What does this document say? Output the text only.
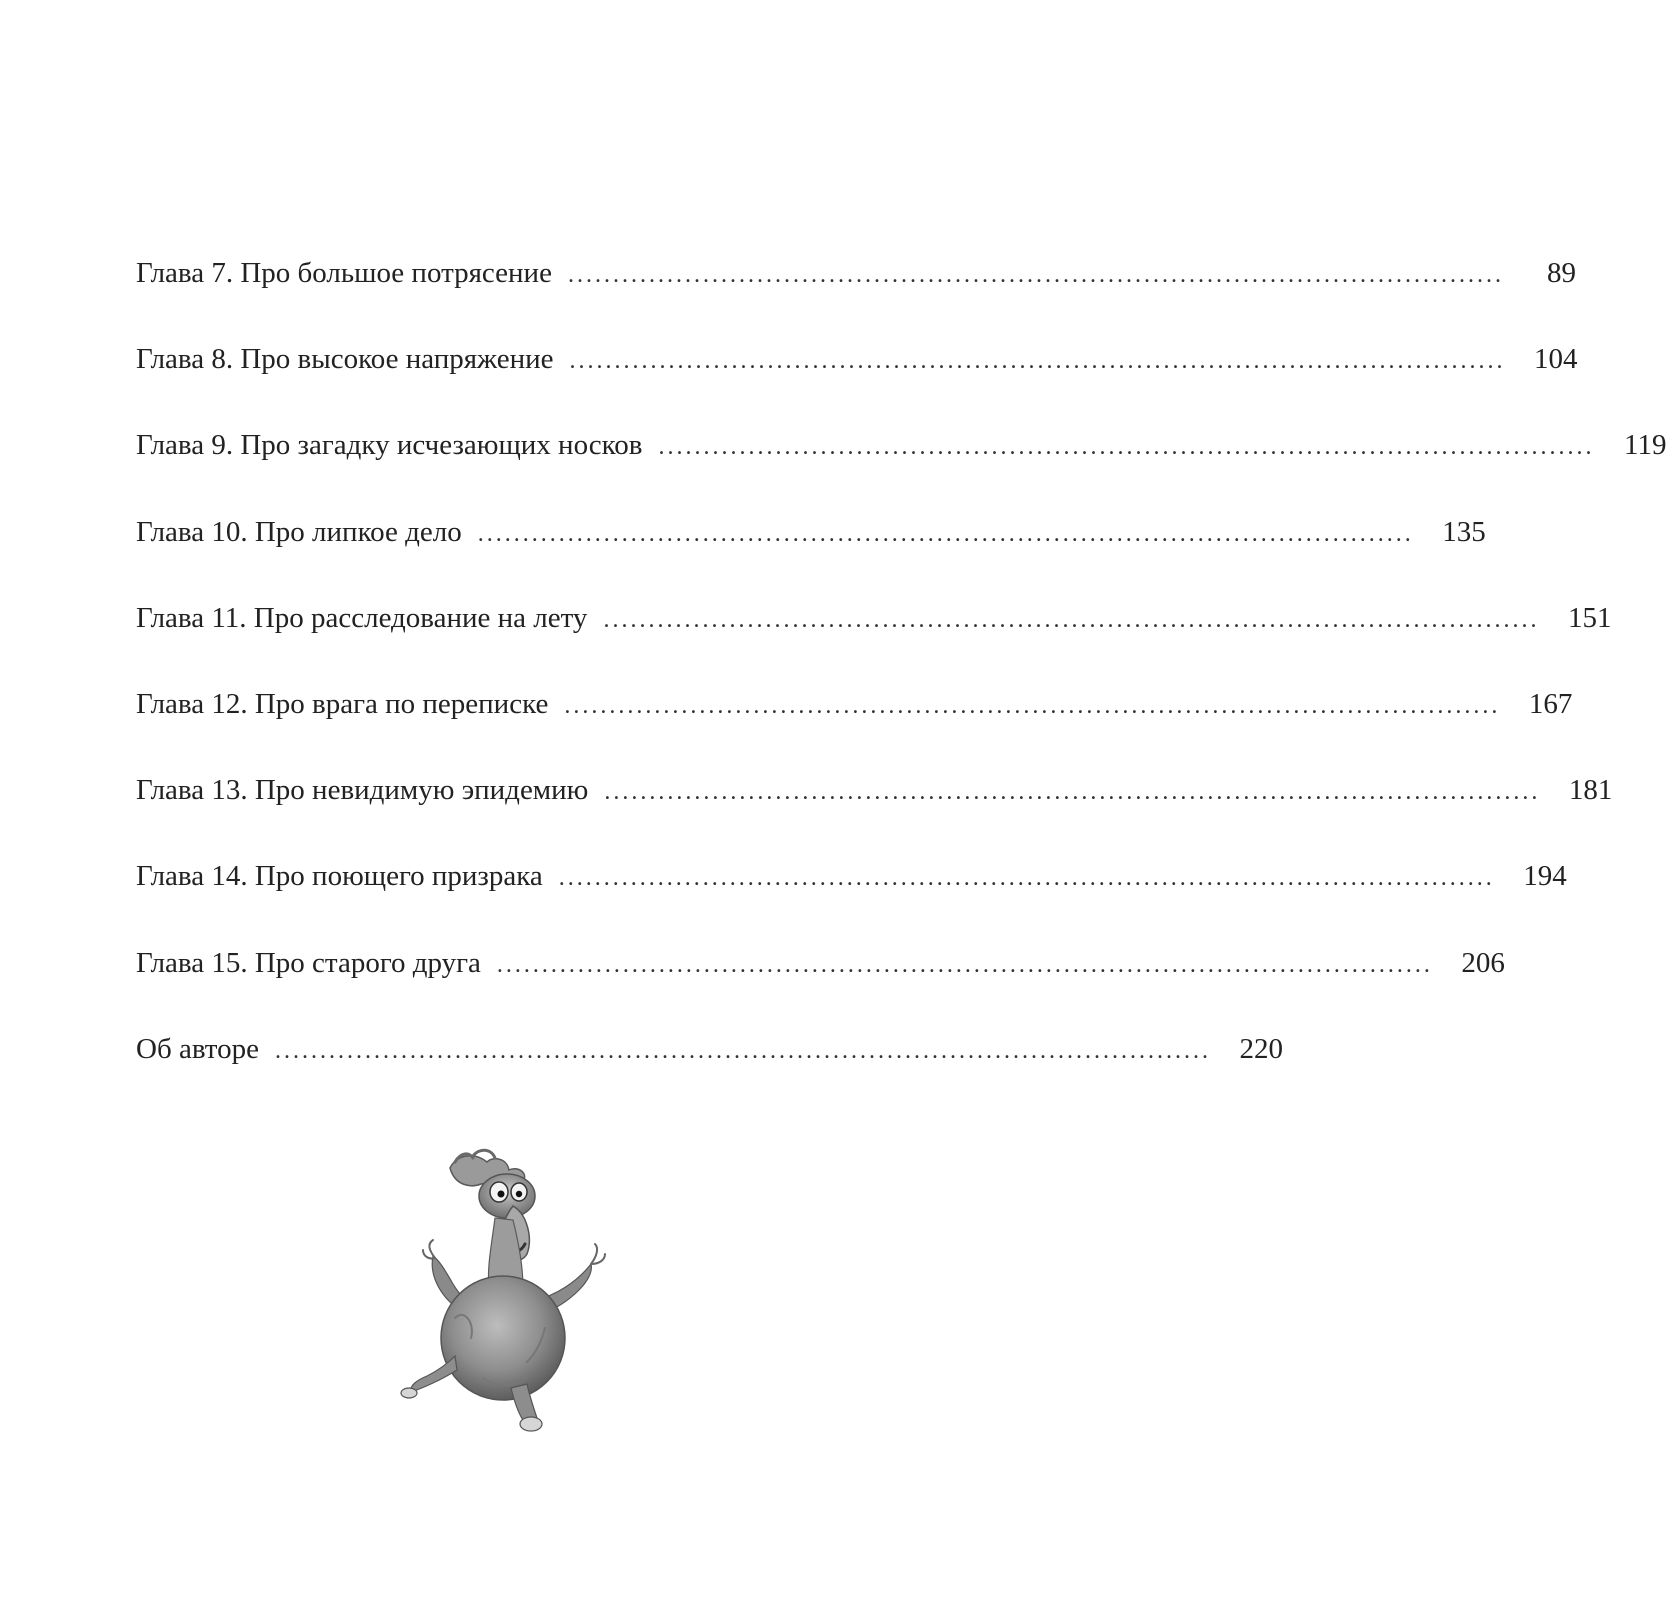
Глава 7. Про большое потрясение ........................................................................................................	89
Глава 8. Про высокое напряжение ........................................................................................................ 104
Глава 9. Про загадку исчезающих носков ........................................................................................................	119
Глава 10. Про липкое дело ........................................................................................................ 135
Глава 11. Про расследование на лету ........................................................................................................ 151
Глава 12. Про врага по переписке ........................................................................................................ 167
Глава 13. Про невидимую эпидемию ........................................................................................................ 181
Глава 14. Про поющего призрака ........................................................................................................ 194
Глава 15. Про старого друга ........................................................................................................ 206
Об авторе ........................................................................................................ 220
